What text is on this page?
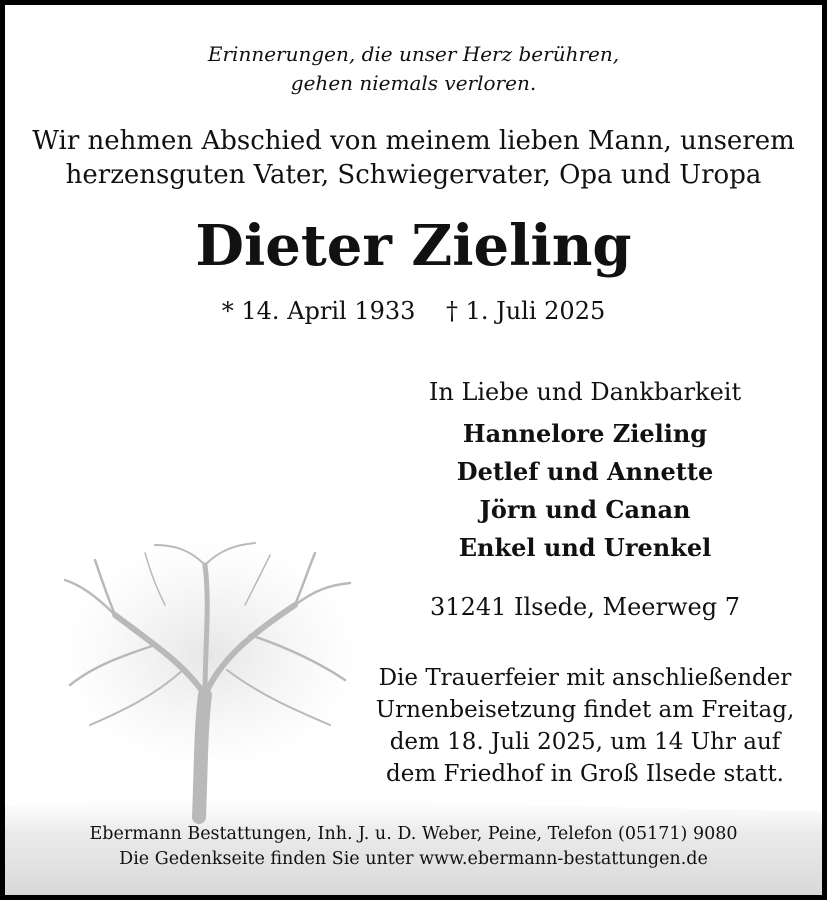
Erinnerungen, die unser Herz berühren,
gehen niemals verloren.
Wir nehmen Abschied von meinem lieben Mann, unserem
herzensguten Vater, Schwiegervater, Opa und Uropa
Dieter Zieling
* 14. April 1933 † 1. Juli 2025
In Liebe und Dankbarkeit
Hannelore Zieling
Detlef und Annette
Jörn und Canan
Enkel und Urenkel
31241 Ilsede, Meerweg 7
Die Trauerfeier mit anschließender
Urnenbeisetzung findet am Freitag,
dem 18. Juli 2025, um 14 Uhr auf
dem Friedhof in Groß Ilsede statt.
Ebermann Bestattungen, Inh. J. u. D. Weber, Peine, Telefon (05171) 9080
Die Gedenkseite finden Sie unter www.ebermann-bestattungen.de
